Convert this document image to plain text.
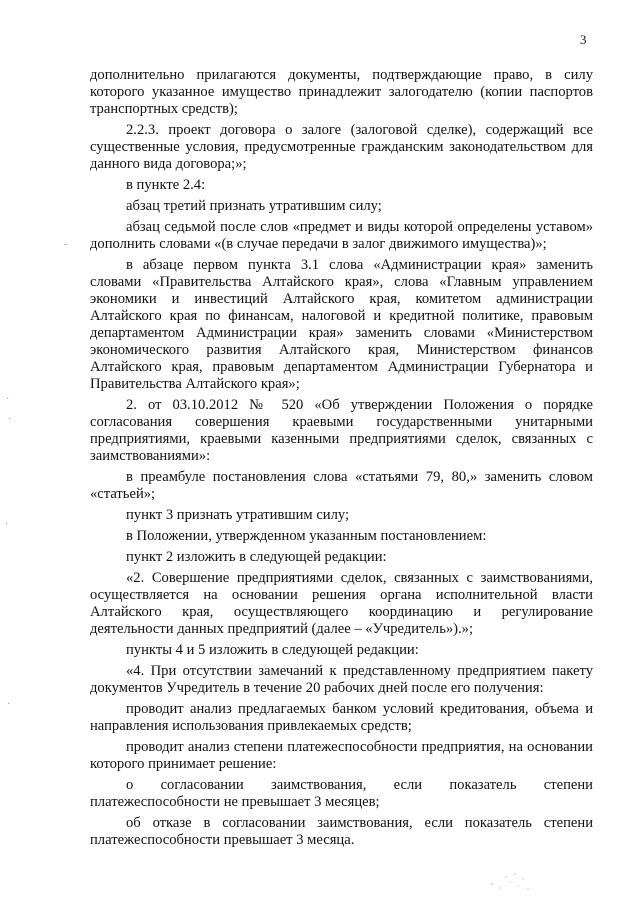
3

дополнительно прилагаются документы, подтверждающие право, в силу которого указанное имущество принадлежит залогодателю (копии паспортов транспортных средств);

2.2.3. проект договора о залоге (залоговой сделке), содержащий все существенные условия, предусмотренные гражданским законодательством для данного вида договора;»;

в пункте 2.4:

абзац третий признать утратившим силу;

абзац седьмой после слов «предмет и виды которой определены уставом» дополнить словами «(в случае передачи в залог движимого имущества)»;

в абзаце первом пункта 3.1 слова «Администрации края» заменить словами «Правительства Алтайского края», слова «Главным управлением экономики и инвестиций Алтайского края, комитетом администрации Алтайского края по финансам, налоговой и кредитной политике, правовым департаментом Администрации края» заменить словами «Министерством экономического развития Алтайского края, Министерством финансов Алтайского края, правовым департаментом Администрации Губернатора и Правительства Алтайского края»;

2. от 03.10.2012 № 520 «Об утверждении Положения о порядке согласования совершения краевыми государственными унитарными предприятиями, краевыми казенными предприятиями сделок, связанных с заимствованиями»:

в преамбуле постановления слова «статьями 79, 80,» заменить словом «статьей»;

пункт 3 признать утратившим силу;

в Положении, утвержденном указанным постановлением:

пункт 2 изложить в следующей редакции:

«2. Совершение предприятиями сделок, связанных с заимствованиями, осуществляется на основании решения органа исполнительной власти Алтайского края, осуществляющего координацию и регулирование деятельности данных предприятий (далее – «Учредитель»).»;

пункты 4 и 5 изложить в следующей редакции:

«4. При отсутствии замечаний к представленному предприятием пакету документов Учредитель в течение 20 рабочих дней после его получения:

проводит анализ предлагаемых банком условий кредитования, объема и направления использования привлекаемых средств;

проводит анализ степени платежеспособности предприятия, на основании которого принимает решение:

о согласовании заимствования, если показатель степени платежеспособности не превышает 3 месяцев;

об отказе в согласовании заимствования, если показатель степени платежеспособности превышает 3 месяца.

-
·
·
·
·
